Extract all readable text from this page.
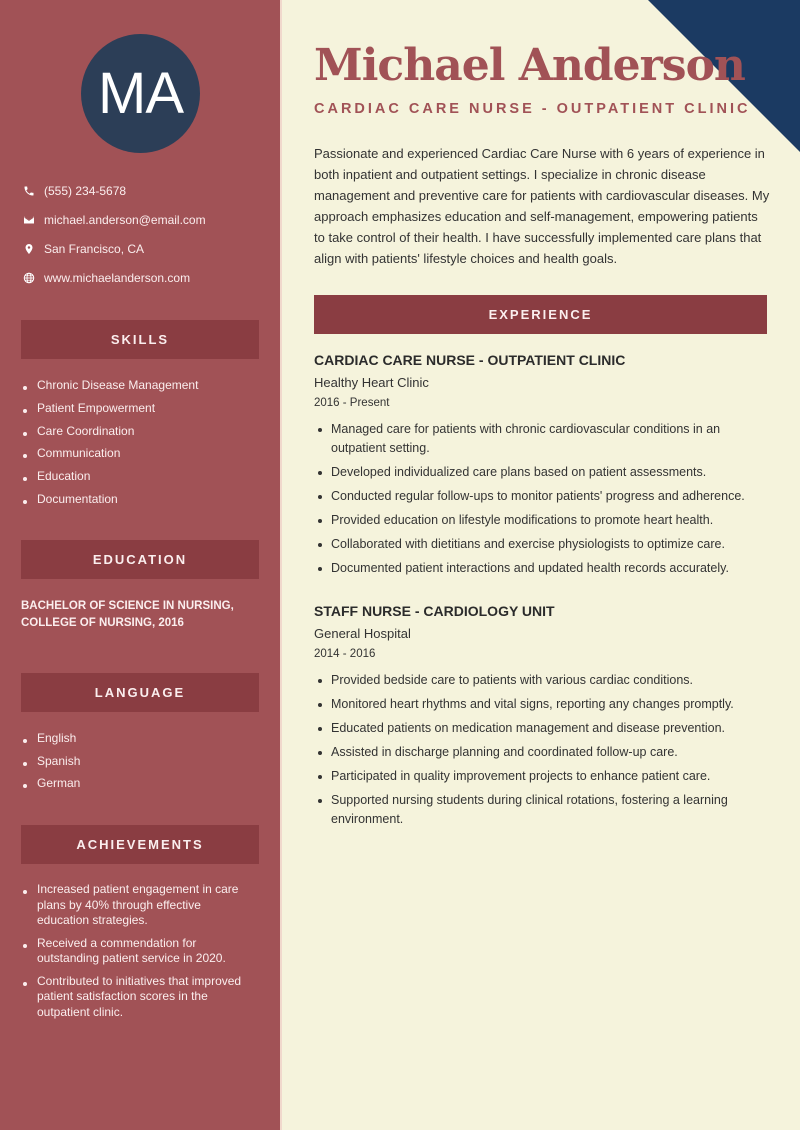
MA
(555) 234-5678
michael.anderson@email.com
San Francisco, CA
www.michaelanderson.com
SKILLS
Chronic Disease Management
Patient Empowerment
Care Coordination
Communication
Education
Documentation
EDUCATION
BACHELOR OF SCIENCE IN NURSING, COLLEGE OF NURSING, 2016
LANGUAGE
English
Spanish
German
ACHIEVEMENTS
Increased patient engagement in care plans by 40% through effective education strategies.
Received a commendation for outstanding patient service in 2020.
Contributed to initiatives that improved patient satisfaction scores in the outpatient clinic.
Michael Anderson
CARDIAC CARE NURSE - OUTPATIENT CLINIC

Passionate and experienced Cardiac Care Nurse with 6 years of experience in both inpatient and outpatient settings. I specialize in chronic disease management and preventive care for patients with cardiovascular diseases. My approach emphasizes education and self-management, empowering patients to take control of their health. I have successfully implemented care plans that align with patients' lifestyle choices and health goals.

EXPERIENCE
CARDIAC CARE NURSE - OUTPATIENT CLINIC
Healthy Heart Clinic
2016 - Present
Managed care for patients with chronic cardiovascular conditions in an outpatient setting.
Developed individualized care plans based on patient assessments.
Conducted regular follow-ups to monitor patients' progress and adherence.
Provided education on lifestyle modifications to promote heart health.
Collaborated with dietitians and exercise physiologists to optimize care.
Documented patient interactions and updated health records accurately.
STAFF NURSE - CARDIOLOGY UNIT
General Hospital
2014 - 2016
Provided bedside care to patients with various cardiac conditions.
Monitored heart rhythms and vital signs, reporting any changes promptly.
Educated patients on medication management and disease prevention.
Assisted in discharge planning and coordinated follow-up care.
Participated in quality improvement projects to enhance patient care.
Supported nursing students during clinical rotations, fostering a learning environment.
